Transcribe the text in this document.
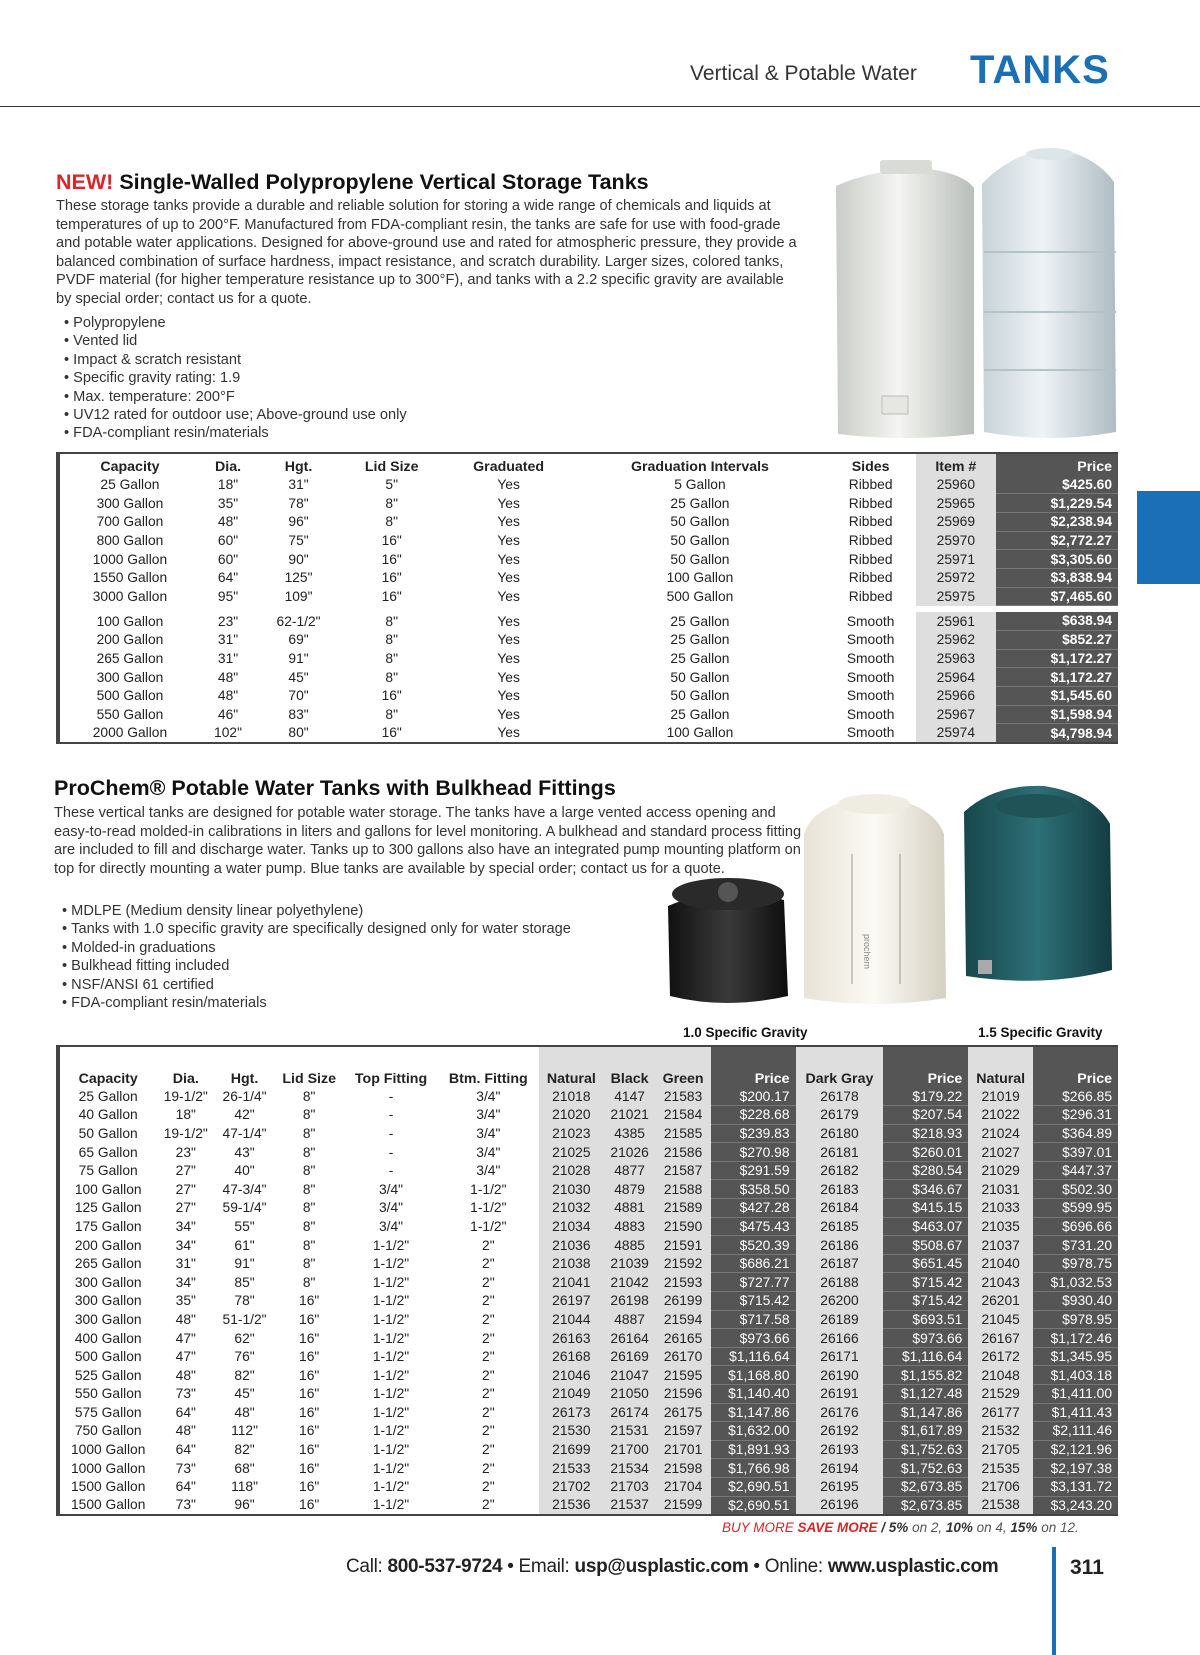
Vertical & Potable Water TANKS
NEW! Single-Walled Polypropylene Vertical Storage Tanks
These storage tanks provide a durable and reliable solution for storing a wide range of chemicals and liquids at temperatures of up to 200°F. Manufactured from FDA-compliant resin, the tanks are safe for use with food-grade and potable water applications. Designed for above-ground use and rated for atmospheric pressure, they provide a balanced combination of surface hardness, impact resistance, and scratch durability. Larger sizes, colored tanks, PVDF material (for higher temperature resistance up to 300°F), and tanks with a 2.2 specific gravity are available by special order; contact us for a quote.
• Polypropylene
• Vented lid
• Impact & scratch resistant
• Specific gravity rating: 1.9
• Max. temperature: 200°F
• UV12 rated for outdoor use; Above-ground use only
• FDA-compliant resin/materials
Capacity	Dia.	Hgt.	Lid Size	Graduated	Graduation Intervals	Sides	Item #	Price
25 Gallon	18"	31"	5"	Yes	5 Gallon	Ribbed	25960	$425.60
300 Gallon	35"	78"	8"	Yes	25 Gallon	Ribbed	25965	$1,229.54
700 Gallon	48"	96"	8"	Yes	50 Gallon	Ribbed	25969	$2,238.94
800 Gallon	60"	75"	16"	Yes	50 Gallon	Ribbed	25970	$2,772.27
1000 Gallon	60"	90"	16"	Yes	50 Gallon	Ribbed	25971	$3,305.60
1550 Gallon	64"	125"	16"	Yes	100 Gallon	Ribbed	25972	$3,838.94
3000 Gallon	95"	109"	16"	Yes	500 Gallon	Ribbed	25975	$7,465.60

100 Gallon	23"	62-1/2"	8"	Yes	25 Gallon	Smooth	25961	$638.94
200 Gallon	31"	69"	8"	Yes	25 Gallon	Smooth	25962	$852.27
265 Gallon	31"	91"	8"	Yes	25 Gallon	Smooth	25963	$1,172.27
300 Gallon	48"	45"	8"	Yes	50 Gallon	Smooth	25964	$1,172.27
500 Gallon	48"	70"	16"	Yes	50 Gallon	Smooth	25966	$1,545.60
550 Gallon	46"	83"	8"	Yes	25 Gallon	Smooth	25967	$1,598.94
2000 Gallon	102"	80"	16"	Yes	100 Gallon	Smooth	25974	$4,798.94
ProChem® Potable Water Tanks with Bulkhead Fittings
These vertical tanks are designed for potable water storage. The tanks have a large vented access opening and easy-to-read molded-in calibrations in liters and gallons for level monitoring. A bulkhead and standard process fitting are included to fill and discharge water. Tanks up to 300 gallons also have an integrated pump mounting platform on top for directly mounting a water pump. Blue tanks are available by special order; contact us for a quote.
• MDLPE (Medium density linear polyethylene)
• Tanks with 1.0 specific gravity are specifically designed only for water storage
• Molded-in graduations
• Bulkhead fitting included
• NSF/ANSI 61 certified
• FDA-compliant resin/materials
prochem
1.0 Specific Gravity	1.5 Specific Gravity
Capacity	Dia.	Hgt.	Lid Size	Top Fitting	Btm. Fitting	Natural	Black	Green	Price	Dark Gray	Price	Natural	Price
25 Gallon	19-1/2"	26-1/4"	8"	-	3/4"	21018	4147	21583	$200.17	26178	$179.22	21019	$266.85
40 Gallon	18"	42"	8"	-	3/4"	21020	21021	21584	$228.68	26179	$207.54	21022	$296.31
50 Gallon	19-1/2"	47-1/4"	8"	-	3/4"	21023	4385	21585	$239.83	26180	$218.93	21024	$364.89
65 Gallon	23"	43"	8"	-	3/4"	21025	21026	21586	$270.98	26181	$260.01	21027	$397.01
75 Gallon	27"	40"	8"	-	3/4"	21028	4877	21587	$291.59	26182	$280.54	21029	$447.37
100 Gallon	27"	47-3/4"	8"	3/4"	1-1/2"	21030	4879	21588	$358.50	26183	$346.67	21031	$502.30
125 Gallon	27"	59-1/4"	8"	3/4"	1-1/2"	21032	4881	21589	$427.28	26184	$415.15	21033	$599.95
175 Gallon	34"	55"	8"	3/4"	1-1/2"	21034	4883	21590	$475.43	26185	$463.07	21035	$696.66
200 Gallon	34"	61"	8"	1-1/2"	2"	21036	4885	21591	$520.39	26186	$508.67	21037	$731.20
265 Gallon	31"	91"	8"	1-1/2"	2"	21038	21039	21592	$686.21	26187	$651.45	21040	$978.75
300 Gallon	34"	85"	8"	1-1/2"	2"	21041	21042	21593	$727.77	26188	$715.42	21043	$1,032.53
300 Gallon	35"	78"	16"	1-1/2"	2"	26197	26198	26199	$715.42	26200	$715.42	26201	$930.40
300 Gallon	48"	51-1/2"	16"	1-1/2"	2"	21044	4887	21594	$717.58	26189	$693.51	21045	$978.95
400 Gallon	47"	62"	16"	1-1/2"	2"	26163	26164	26165	$973.66	26166	$973.66	26167	$1,172.46
500 Gallon	47"	76"	16"	1-1/2"	2"	26168	26169	26170	$1,116.64	26171	$1,116.64	26172	$1,345.95
525 Gallon	48"	82"	16"	1-1/2"	2"	21046	21047	21595	$1,168.80	26190	$1,155.82	21048	$1,403.18
550 Gallon	73"	45"	16"	1-1/2"	2"	21049	21050	21596	$1,140.40	26191	$1,127.48	21529	$1,411.00
575 Gallon	64"	48"	16"	1-1/2"	2"	26173	26174	26175	$1,147.86	26176	$1,147.86	26177	$1,411.43
750 Gallon	48"	112"	16"	1-1/2"	2"	21530	21531	21597	$1,632.00	26192	$1,617.89	21532	$2,111.46
1000 Gallon	64"	82"	16"	1-1/2"	2"	21699	21700	21701	$1,891.93	26193	$1,752.63	21705	$2,121.96
1000 Gallon	73"	68"	16"	1-1/2"	2"	21533	21534	21598	$1,766.98	26194	$1,752.63	21535	$2,197.38
1500 Gallon	64"	118"	16"	1-1/2"	2"	21702	21703	21704	$2,690.51	26195	$2,673.85	21706	$3,131.72
1500 Gallon	73"	96"	16"	1-1/2"	2"	21536	21537	21599	$2,690.51	26196	$2,673.85	21538	$3,243.20
BUY MORE SAVE MORE / 5% on 2, 10% on 4, 15% on 12.
Call: 800-537-9724 • Email: usp@usplastic.com • Online: www.usplastic.com	311
